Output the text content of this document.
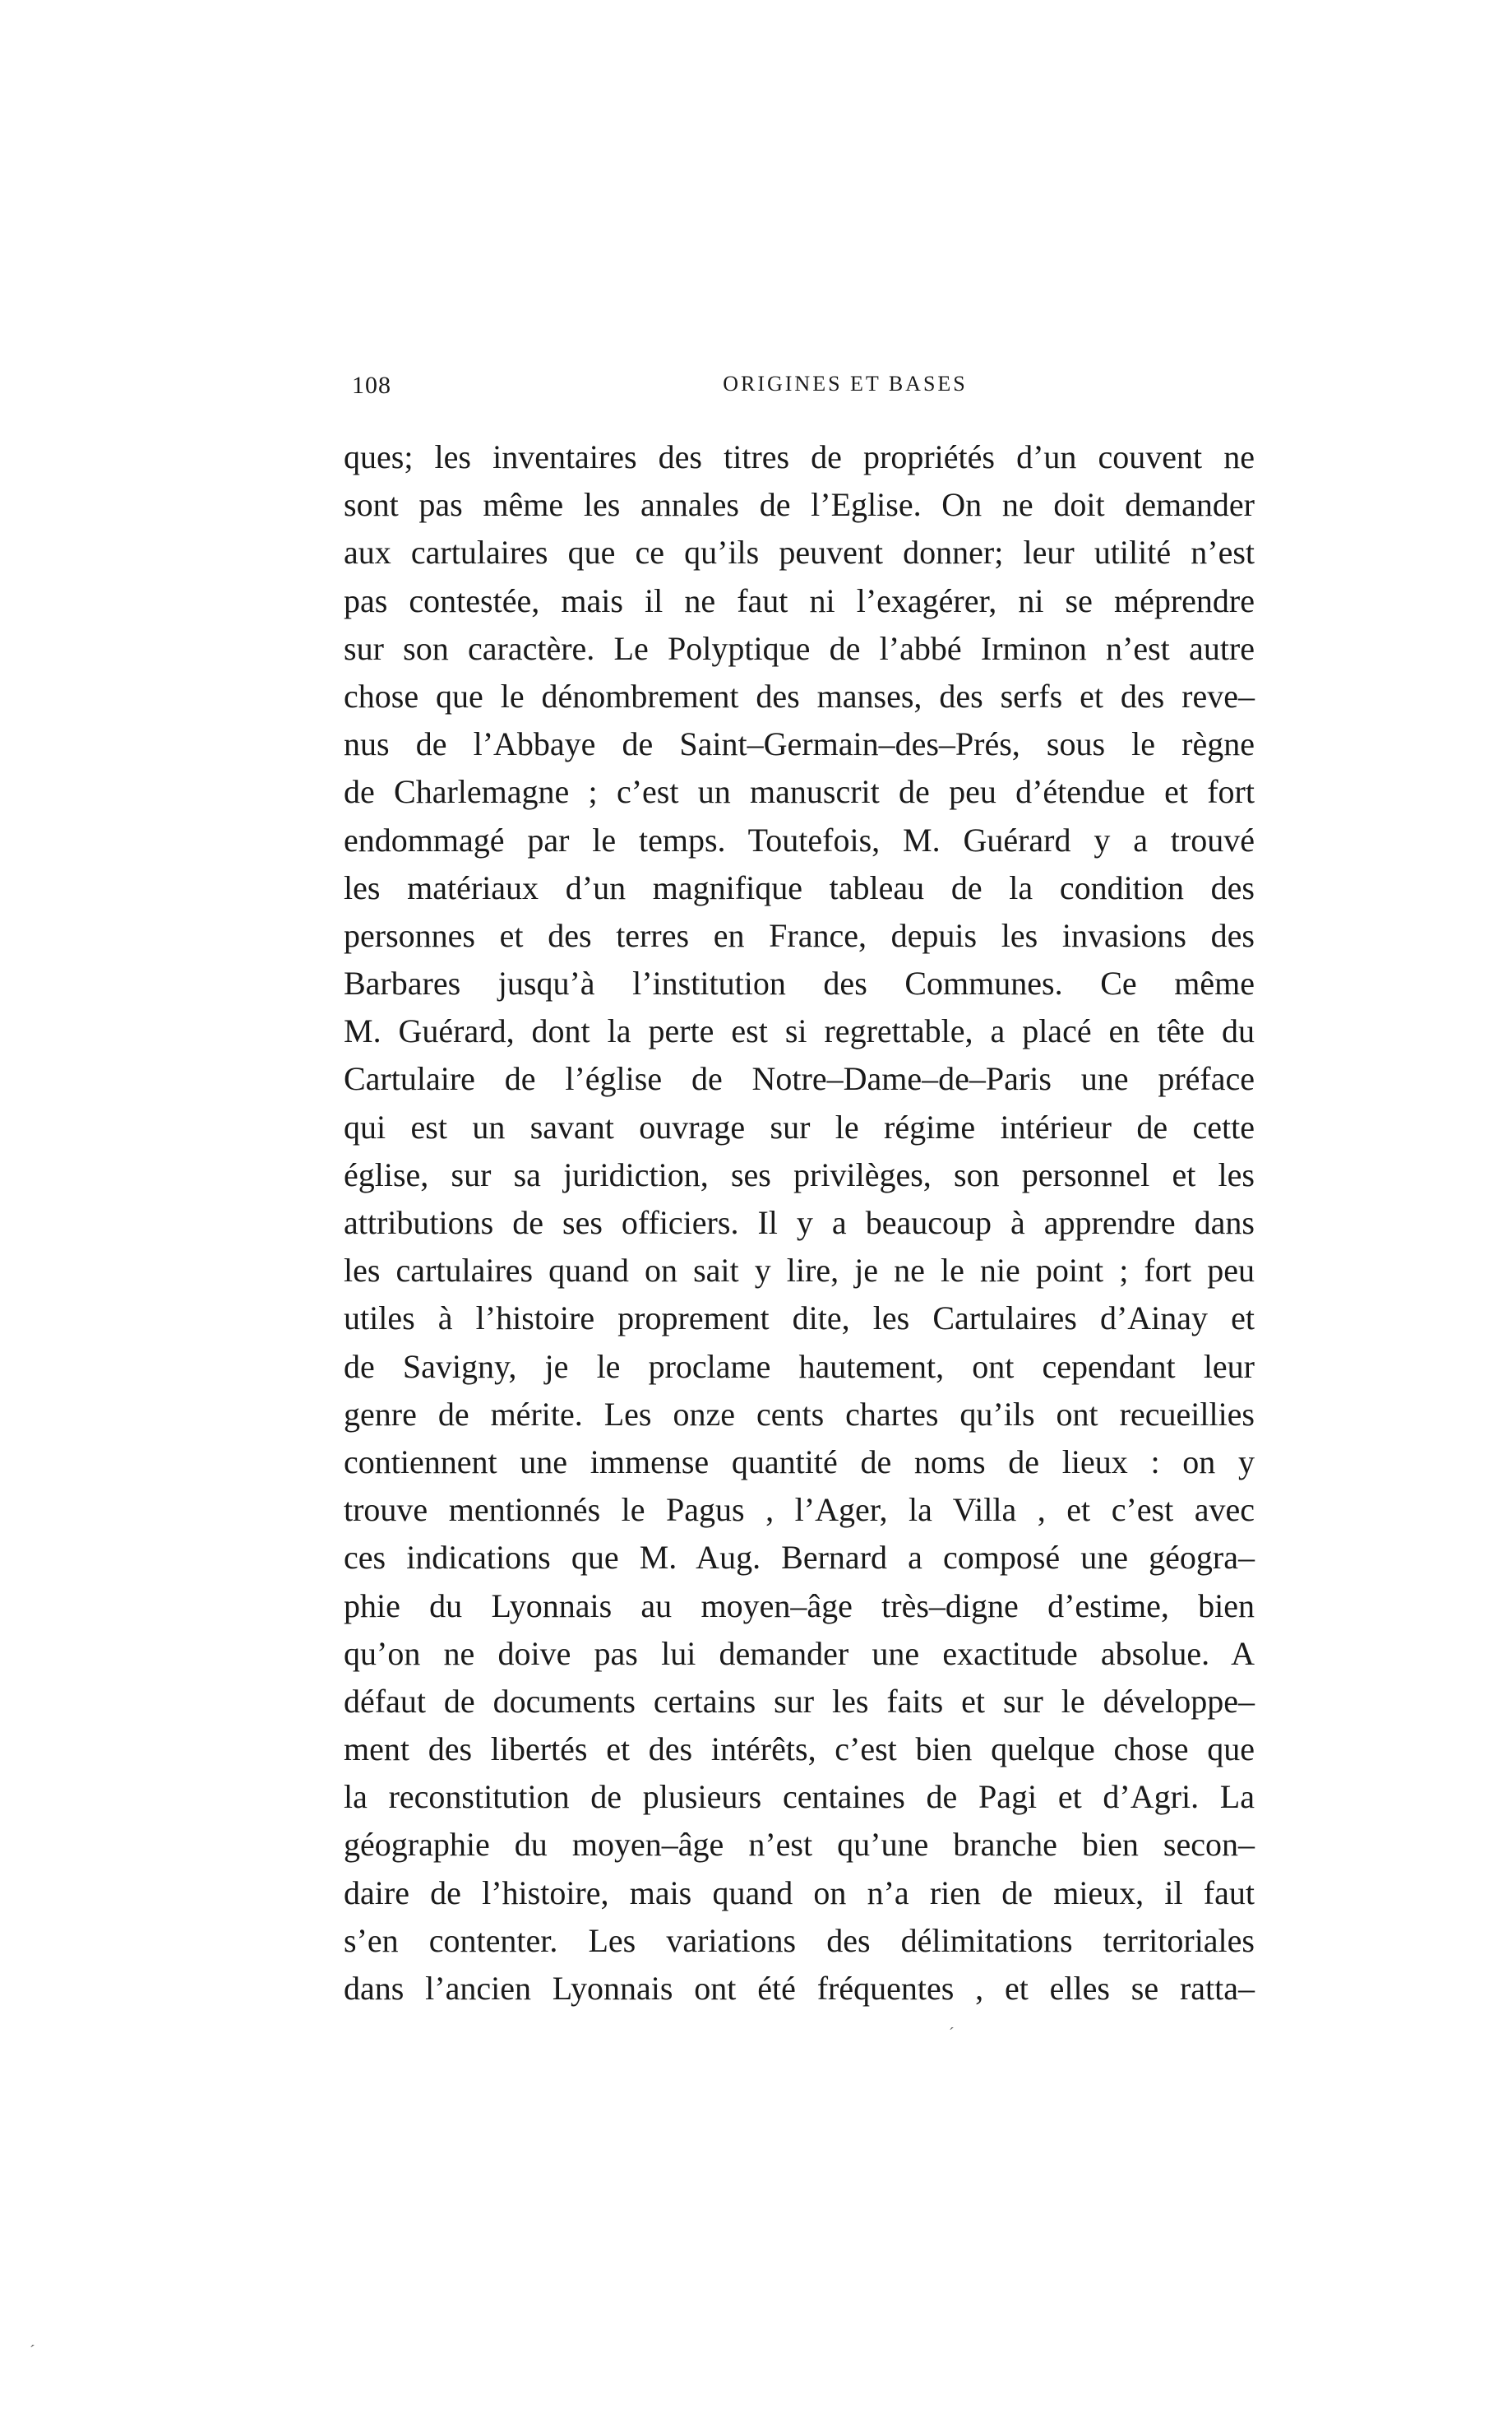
108	ORIGINES ET BASES
ques; les inventaires des titres de propriétés d’un couvent ne
sont pas même les annales de l’Eglise. On ne doit demander
aux cartulaires que ce qu’ils peuvent donner; leur utilité n’est
pas contestée, mais il ne faut ni l’exagérer, ni se méprendre
sur son caractère. Le Polyptique de l’abbé Irminon n’est autre
chose que le dénombrement des manses, des serfs et des reve–
nus de l’Abbaye de Saint–Germain–des–Prés, sous le règne
de Charlemagne ; c’est un manuscrit de peu d’étendue et fort
endommagé par le temps. Toutefois, M. Guérard y a trouvé
les matériaux d’un magnifique tableau de la condition des
personnes et des terres en France, depuis les invasions des
Barbares jusqu’à l’institution des Communes. Ce même
M. Guérard, dont la perte est si regrettable, a placé en tête du
Cartulaire de l’église de Notre–Dame–de–Paris une préface
qui est un savant ouvrage sur le régime intérieur de cette
église, sur sa juridiction, ses privilèges, son personnel et les
attributions de ses officiers. Il y a beaucoup à apprendre dans
les cartulaires quand on sait y lire, je ne le nie point ; fort peu
utiles à l’histoire proprement dite, les Cartulaires d’Ainay et
de Savigny, je le proclame hautement, ont cependant leur
genre de mérite. Les onze cents chartes qu’ils ont recueillies
contiennent une immense quantité de noms de lieux : on y
trouve mentionnés le Pagus , l’Ager, la Villa , et c’est avec
ces indications que M. Aug. Bernard a composé une géogra–
phie du Lyonnais au moyen–âge très–digne d’estime, bien
qu’on ne doive pas lui demander une exactitude absolue. A
défaut de documents certains sur les faits et sur le développe–
ment des libertés et des intérêts, c’est bien quelque chose que
la reconstitution de plusieurs centaines de Pagi et d’Agri. La
géographie du moyen–âge n’est qu’une branche bien secon–
daire de l’histoire, mais quand on n’a rien de mieux, il faut
s’en contenter. Les variations des délimitations territoriales
dans l’ancien Lyonnais ont été fréquentes , et elles se ratta–
ˊ
ˊ
